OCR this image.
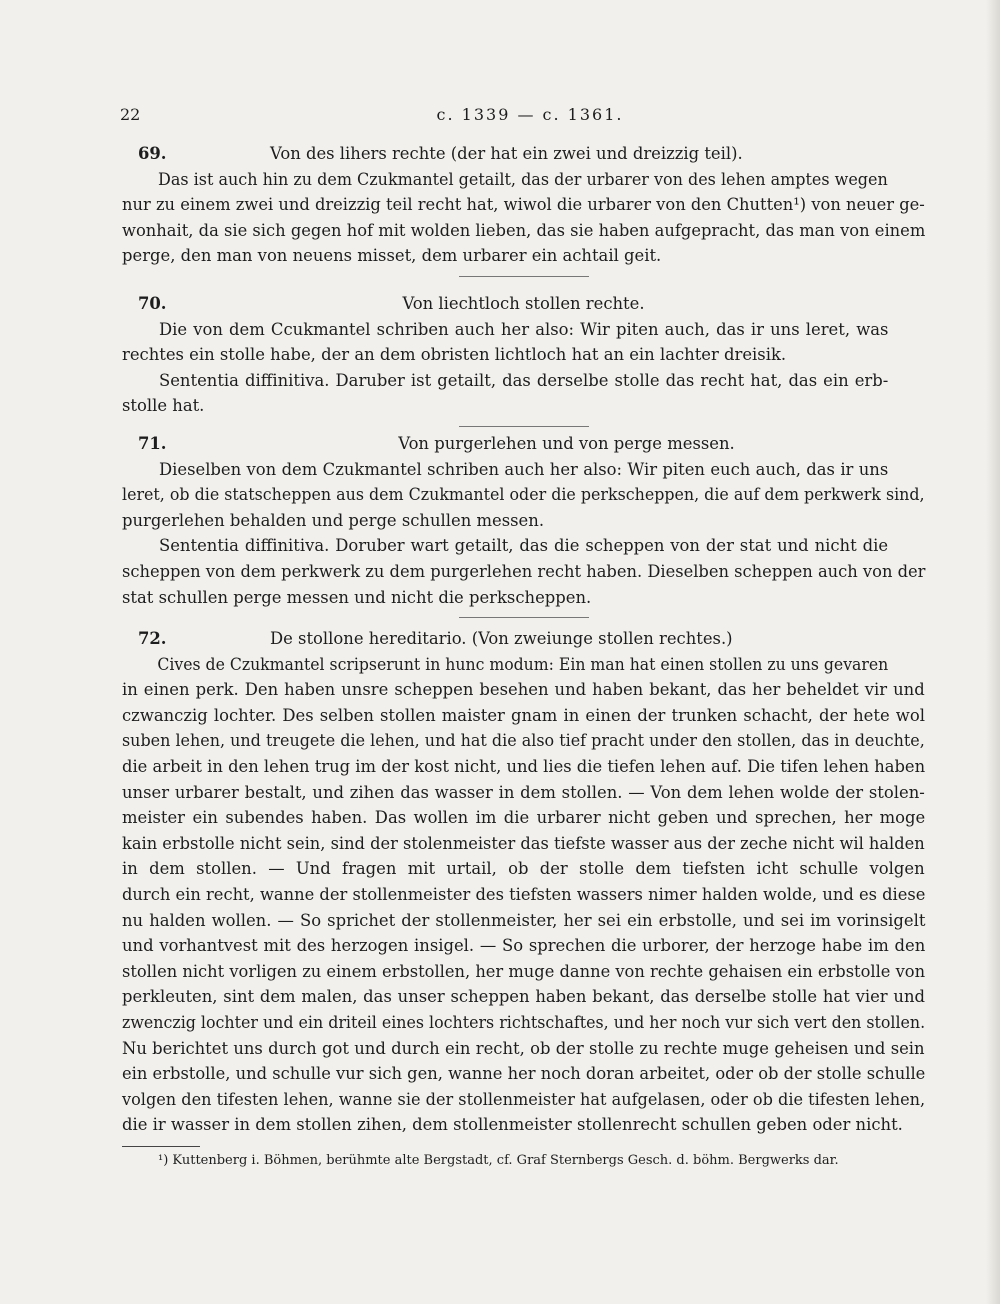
22	c. 1339 — c. 1361.
69.	Von des lihers rechte (der hat ein zwei und dreizzig teil).
Das ist auch hin zu dem Czukmantel getailt, das der urbarer von des lehen amptes wegen
nur zu einem zwei und dreizzig teil recht hat, wiwol die urbarer von den Chutten¹) von neuer ge-
wonhait, da sie sich gegen hof mit wolden lieben, das sie haben aufgepracht, das man von einem
perge, den man von neuens misset, dem urbarer ein achtail geit.
70.	Von liechtloch stollen rechte.
Die von dem Ccukmantel schriben auch her also: Wir piten auch, das ir uns leret, was
rechtes ein stolle habe, der an dem obristen lichtloch hat an ein lachter dreisik.
Sententia diffinitiva. Daruber ist getailt, das derselbe stolle das recht hat, das ein erb-
stolle hat.
71.	Von purgerlehen und von perge messen.
Dieselben von dem Czukmantel schriben auch her also: Wir piten euch auch, das ir uns
leret, ob die statscheppen aus dem Czukmantel oder die perkscheppen, die auf dem perkwerk sind,
purgerlehen behalden und perge schullen messen.
Sententia diffinitiva. Doruber wart getailt, das die scheppen von der stat und nicht die
scheppen von dem perkwerk zu dem purgerlehen recht haben. Dieselben scheppen auch von der
stat schullen perge messen und nicht die perkscheppen.
72.	De stollone hereditario. (Von zweiunge stollen rechtes.)
Cives de Czukmantel scripserunt in hunc modum: Ein man hat einen stollen zu uns gevaren
in einen perk. Den haben unsre scheppen besehen und haben bekant, das her beheldet vir und
czwanczig lochter. Des selben stollen maister gnam in einen der trunken schacht, der hete wol
suben lehen, und treugete die lehen, und hat die also tief pracht under den stollen, das in deuchte,
die arbeit in den lehen trug im der kost nicht, und lies die tiefen lehen auf. Die tifen lehen haben
unser urbarer bestalt, und zihen das wasser in dem stollen. — Von dem lehen wolde der stolen-
meister ein subendes haben. Das wollen im die urbarer nicht geben und sprechen, her moge
kain erbstolle nicht sein, sind der stolenmeister das tiefste wasser aus der zeche nicht wil halden
in dem stollen. — Und fragen mit urtail, ob der stolle dem tiefsten icht schulle volgen
durch ein recht, wanne der stollenmeister des tiefsten wassers nimer halden wolde, und es diese
nu halden wollen. — So sprichet der stollenmeister, her sei ein erbstolle, und sei im vorinsigelt
und vorhantvest mit des herzogen insigel. — So sprechen die urborer, der herzoge habe im den
stollen nicht vorligen zu einem erbstollen, her muge danne von rechte gehaisen ein erbstolle von
perkleuten, sint dem malen, das unser scheppen haben bekant, das derselbe stolle hat vier und
zwenczig lochter und ein driteil eines lochters richtschaftes, und her noch vur sich vert den stollen.
Nu berichtet uns durch got und durch ein recht, ob der stolle zu rechte muge geheisen und sein
ein erbstolle, und schulle vur sich gen, wanne her noch doran arbeitet, oder ob der stolle schulle
volgen den tifesten lehen, wanne sie der stollenmeister hat aufgelasen, oder ob die tifesten lehen,
die ir wasser in dem stollen zihen, dem stollenmeister stollenrecht schullen geben oder nicht.
¹) Kuttenberg i. Böhmen, berühmte alte Bergstadt, cf. Graf Sternbergs Gesch. d. böhm. Bergwerks dar.
